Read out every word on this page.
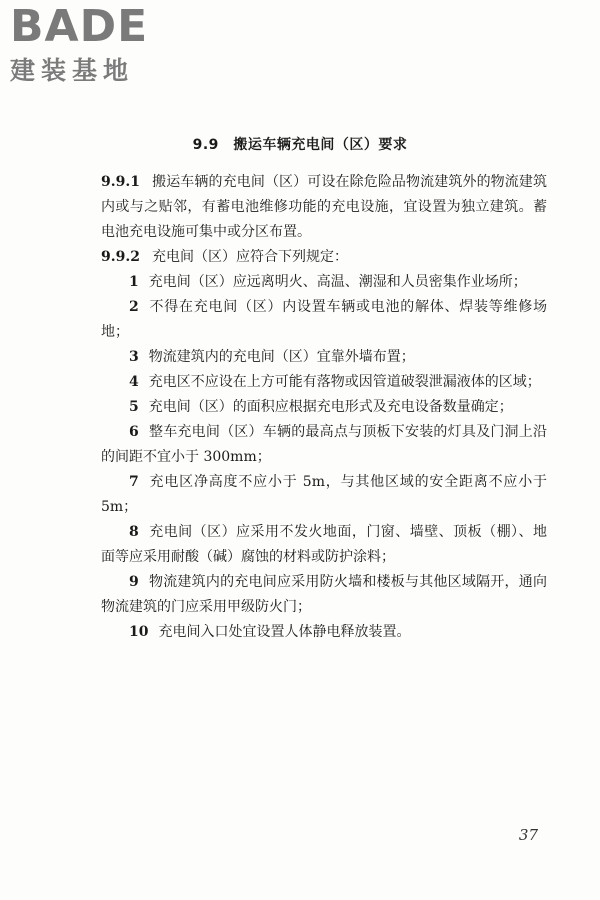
BADE
建装基地
9.9　搬运车辆充电间（区）要求

9.9.1 搬运车辆的充电间（区）可设在除危险品物流建筑外的物流建筑内或与之贴邻，有蓄电池维修功能的充电设施，宜设置为独立建筑。蓄电池充电设施可集中或分区布置。

9.9.2 充电间（区）应符合下列规定：

1 充电间（区）应远离明火、高温、潮湿和人员密集作业场所；

2 不得在充电间（区）内设置车辆或电池的解体、焊装等维修场地；

3 物流建筑内的充电间（区）宜靠外墙布置；

4 充电区不应设在上方可能有落物或因管道破裂泄漏液体的区域；

5 充电间（区）的面积应根据充电形式及充电设备数量确定；

6 整车充电间（区）车辆的最高点与顶板下安装的灯具及门洞上沿的间距不宜小于 300mm；

7 充电区净高度不应小于 5m，与其他区域的安全距离不应小于 5m；

8 充电间（区）应采用不发火地面，门窗、墙壁、顶板（棚）、地面等应采用耐酸（碱）腐蚀的材料或防护涂料；

9 物流建筑内的充电间应采用防火墙和楼板与其他区域隔开，通向物流建筑的门应采用甲级防火门；

10 充电间入口处宜设置人体静电释放装置。

37
